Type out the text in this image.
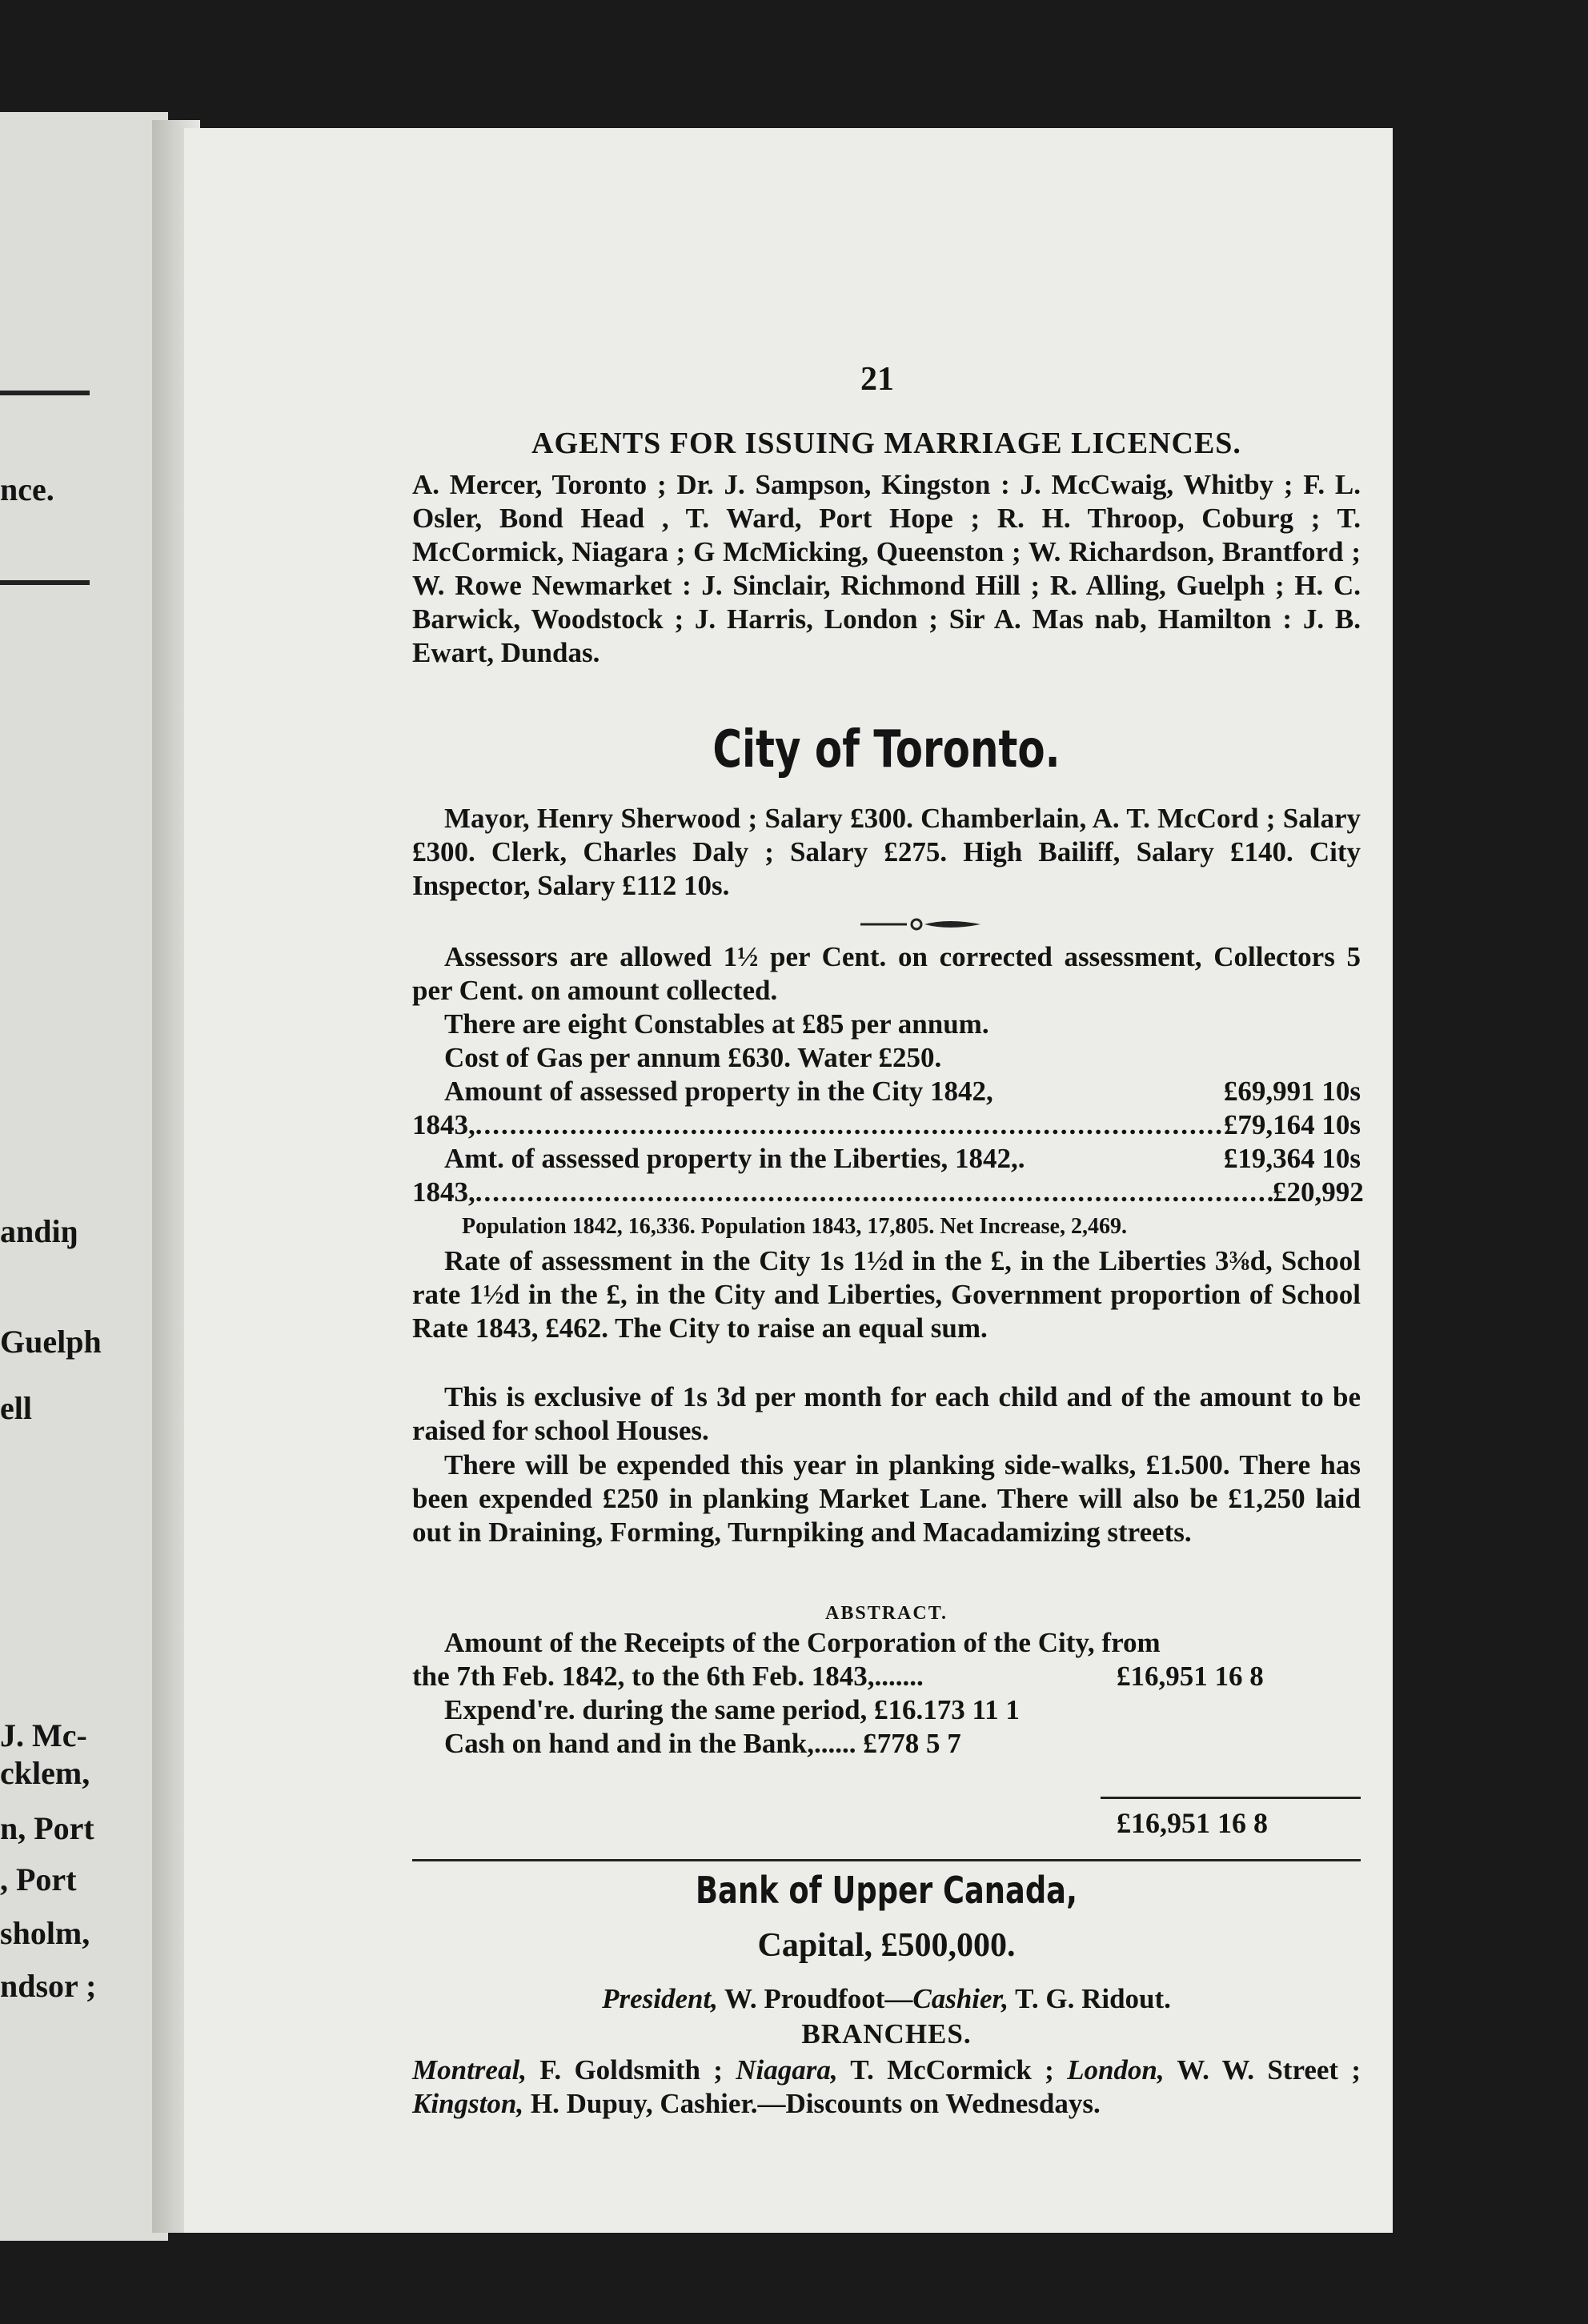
nce.
andiŋ
Guelph
ell
J. Mc-
cklem,
n, Port
, Port
sholm,
ndsor ;
21
AGENTS FOR ISSUING MARRIAGE LICENCES.
A. Mercer, Toronto ; Dr. J. Sampson, Kingston : J. McCwaig, Whitby ; F. L. Osler, Bond Head , T. Ward, Port Hope ; R. H. Throop, Coburg ; T. McCormick, Niagara ; G McMicking, Queenston ; W. Richardson, Brantford ; W. Rowe Newmarket : J. Sinclair, Richmond Hill ; R. Alling, Guelph ; H. C. Barwick, Woodstock ; J. Harris, London ; Sir A. Mas nab, Hamilton : J. B. Ewart, Dundas.
City of Toronto.
Mayor, Henry Sherwood ; Salary £300. Chamberlain, A. T. McCord ; Salary £300. Clerk, Charles Daly ; Salary £275. High Bailiff, Salary £140. City Inspector, Salary £112 10s.
Assessors are allowed 1½ per Cent. on corrected assessment, Collectors 5 per Cent. on amount collected.
There are eight Constables at £85 per annum.
Cost of Gas per annum £630. Water £250.
Amount of assessed property in the City 1842,	£69,991 10s
1843, .....	£79,164 10s
Amt. of assessed property in the Liberties, 1842,.	£19,364 10s
1843, .....	£20,992
Population 1842, 16,336. Population 1843, 17,805. Net Increase, 2,469.
Rate of assessment in the City 1s 1½d in the £, in the Liberties 3⅜d, School rate 1½d in the £, in the City and Liberties, Government proportion of School Rate 1843, £462. The City to raise an equal sum.
This is exclusive of 1s 3d per month for each child and of the amount to be raised for school Houses.
There will be expended this year in planking side-walks, £1.500. There has been expended £250 in planking Market Lane. There will also be £1,250 laid out in Draining, Forming, Turnpiking and Macadamizing streets.
ABSTRACT.
Amount of the Receipts of the Corporation of the City, from
the 7th Feb. 1842, to the 6th Feb. 1843,.......	£16,951 16 8
Expend're. during the same period, £16.173 11 1
Cash on hand and in the Bank,...... £778 5 7
£16,951 16 8
Bank of Upper Canada,
Capital, £500,000.
President, W. Proudfoot—Cashier, T. G. Ridout.
BRANCHES.
Montreal, F. Goldsmith ; Niagara, T. McCormick ; London, W. W. Street ; Kingston, H. Dupuy, Cashier.—Discounts on Wednesdays.
